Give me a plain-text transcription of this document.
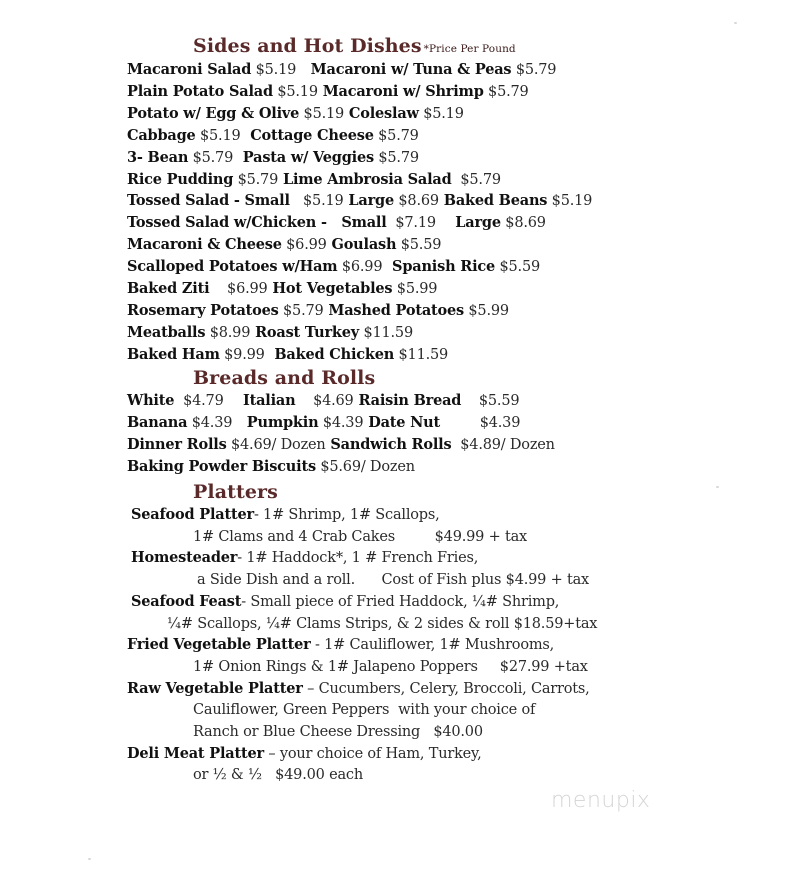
Sides and Hot Dishes *Price Per Pound
Macaroni Salad $5.19   Macaroni w/ Tuna & Peas $5.79
Plain Potato Salad $5.19 Macaroni w/ Shrimp $5.79
Potato w/ Egg & Olive $5.19 Coleslaw $5.19
Cabbage $5.19  Cottage Cheese $5.79
3- Bean $5.79  Pasta w/ Veggies $5.79
Rice Pudding $5.79 Lime Ambrosia Salad  $5.79
Tossed Salad - Small   $5.19 Large $8.69 Baked Beans $5.19
Tossed Salad w/Chicken -   Small  $7.19    Large $8.69
Macaroni & Cheese $6.99 Goulash $5.59
Scalloped Potatoes w/Ham $6.99  Spanish Rice $5.59
Baked Ziti    $6.99 Hot Vegetables $5.99
Rosemary Potatoes $5.79 Mashed Potatoes $5.99
Meatballs $8.99 Roast Turkey $11.59
Baked Ham $9.99  Baked Chicken $11.59
Breads and Rolls
White  $4.79    Italian    $4.69 Raisin Bread    $5.59
Banana $4.39   Pumpkin $4.39 Date Nut         $4.39
Dinner Rolls $4.69/ Dozen Sandwich Rolls  $4.89/ Dozen
Baking Powder Biscuits $5.69/ Dozen
Platters
Seafood Platter- 1# Shrimp, 1# Scallops,
1# Clams and 4 Crab Cakes         $49.99 + tax
Homesteader- 1# Haddock*, 1 # French Fries,
a Side Dish and a roll.      Cost of Fish plus $4.99 + tax
Seafood Feast- Small piece of Fried Haddock, ¼# Shrimp,
¼# Scallops, ¼# Clams Strips, & 2 sides & roll $18.59+tax
Fried Vegetable Platter - 1# Cauliflower, 1# Mushrooms,
1# Onion Rings & 1# Jalapeno Poppers     $27.99 +tax
Raw Vegetable Platter – Cucumbers, Celery, Broccoli, Carrots,
Cauliflower, Green Peppers  with your choice of
Ranch or Blue Cheese Dressing   $40.00
Deli Meat Platter – your choice of Ham, Turkey,
or ½ & ½   $49.00 each
menupix
